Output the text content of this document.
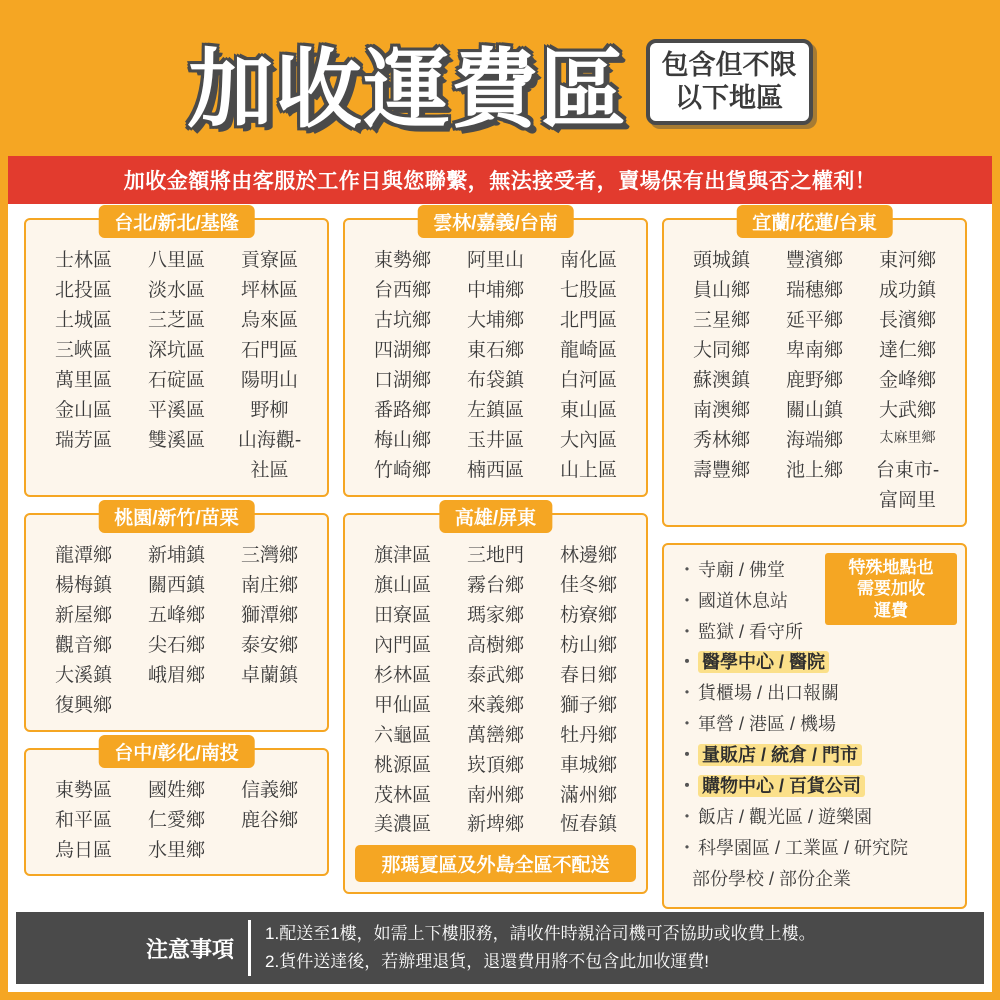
加收運費區 包含但不限
以下地區
加收金額將由客服於工作日與您聯繫，無法接受者，賣場保有出貨與否之權利！
台北/新北/基隆
士林區	八里區	貢寮區
北投區	淡水區	坪林區
土城區	三芝區	烏來區
三峽區	深坑區	石門區
萬里區	石碇區	陽明山
金山區	平溪區	野柳
瑞芳區	雙溪區	山海觀-
社區
桃園/新竹/苗栗
龍潭鄉	新埔鎮	三灣鄉
楊梅鎮	關西鎮	南庄鄉
新屋鄉	五峰鄉	獅潭鄉
觀音鄉	尖石鄉	泰安鄉
大溪鎮	峨眉鄉	卓蘭鎮
復興鄉
台中/彰化/南投
東勢區	國姓鄉	信義鄉
和平區	仁愛鄉	鹿谷鄉
烏日區	水里鄉
雲林/嘉義/台南
東勢鄉	阿里山	南化區
台西鄉	中埔鄉	七股區
古坑鄉	大埔鄉	北門區
四湖鄉	東石鄉	龍崎區
口湖鄉	布袋鎮	白河區
番路鄉	左鎮區	東山區
梅山鄉	玉井區	大內區
竹崎鄉	楠西區	山上區
高雄/屏東
旗津區	三地門	林邊鄉
旗山區	霧台鄉	佳冬鄉
田寮區	瑪家鄉	枋寮鄉
內門區	高樹鄉	枋山鄉
杉林區	泰武鄉	春日鄉
甲仙區	來義鄉	獅子鄉
六龜區	萬巒鄉	牡丹鄉
桃源區	崁頂鄉	車城鄉
茂林區	南州鄉	滿州鄉
美濃區	新埤鄉	恆春鎮
那瑪夏區及外島全區不配送
宜蘭/花蓮/台東
頭城鎮	豐濱鄉	東河鄉
員山鄉	瑞穗鄉	成功鎮
三星鄉	延平鄉	長濱鄉
大同鄉	卑南鄉	達仁鄉
蘇澳鎮	鹿野鄉	金峰鄉
南澳鄉	關山鎮	大武鄉
秀林鄉	海端鄉	太麻里鄉
壽豐鄉	池上鄉	台東市-
富岡里
特殊地點也
需要加收
運費
・ 寺廟 / 佛堂
・ 國道休息站
・ 監獄 / 看守所
・ 醫學中心 / 醫院
・ 貨櫃場 / 出口報關
・ 軍營 / 港區 / 機場
・ 量販店 / 統倉 / 門市
・ 購物中心 / 百貨公司
・ 飯店 / 觀光區 / 遊樂園
・ 科學園區 / 工業區 / 研究院
部份學校 / 部份企業
注意事項
1.配送至1樓，如需上下樓服務，請收件時親洽司機可否協助或收費上樓。
2.貨件送達後，若辦理退貨，退還費用將不包含此加收運費!
